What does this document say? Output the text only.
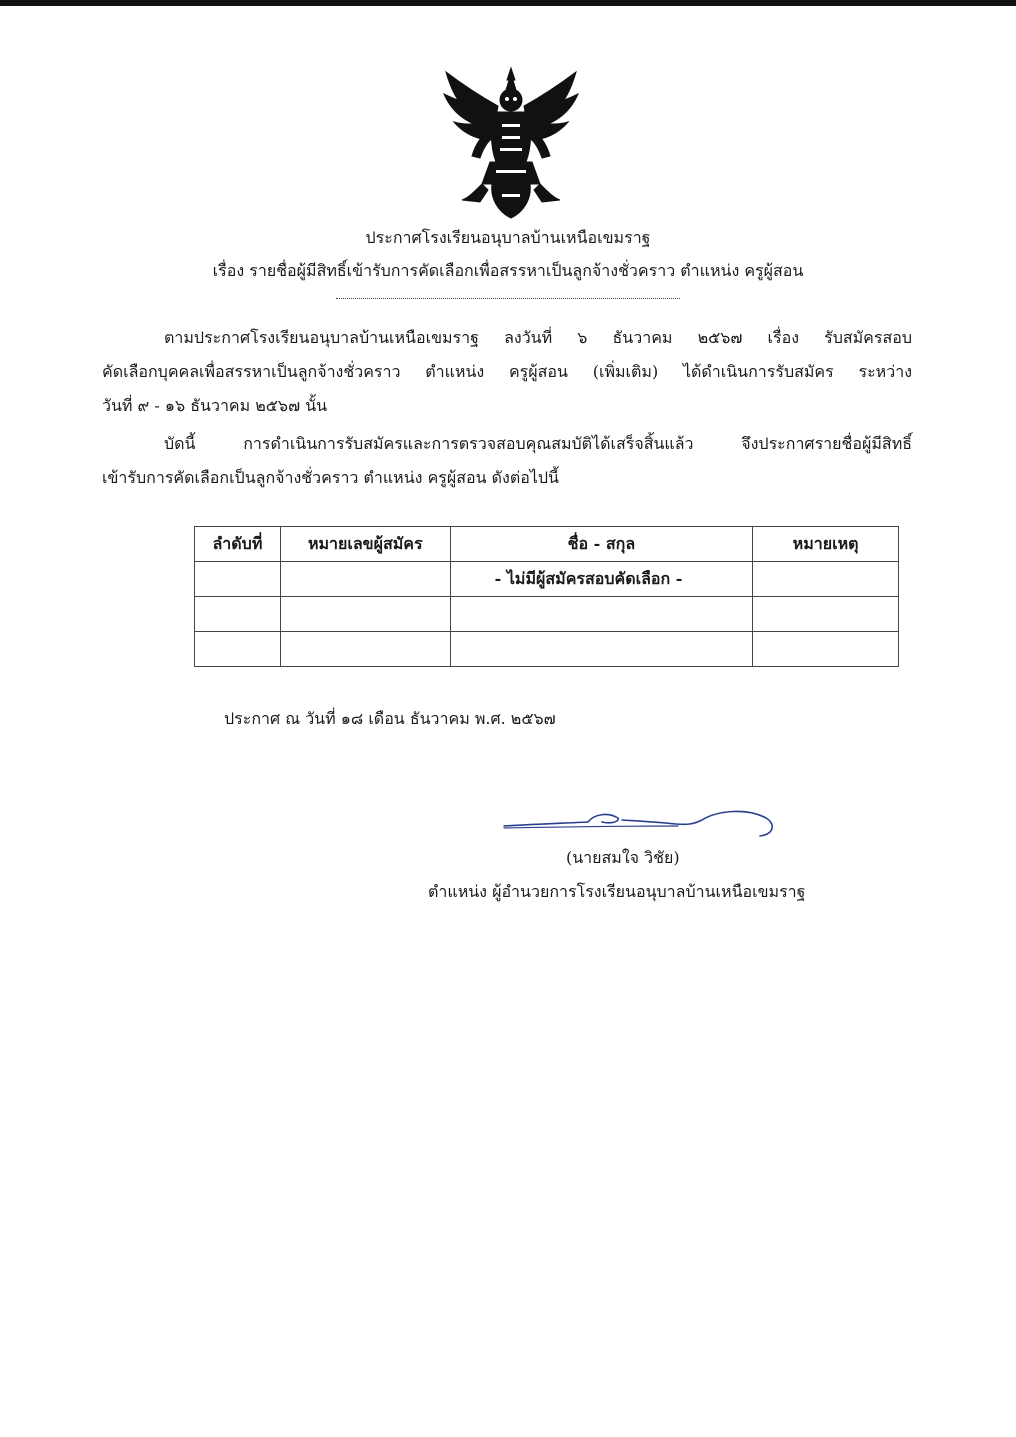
ประกาศโรงเรียนอนุบาลบ้านเหนือเขมราฐ
เรื่อง รายชื่อผู้มีสิทธิ์เข้ารับการคัดเลือกเพื่อสรรหาเป็นลูกจ้างชั่วคราว ตำแหน่ง ครูผู้สอน
ตามประกาศโรงเรียนอนุบาลบ้านเหนือเขมราฐ ลงวันที่ ๖ ธันวาคม ๒๕๖๗ เรื่อง รับสมัครสอบ
คัดเลือกบุคคลเพื่อสรรหาเป็นลูกจ้างชั่วคราว ตำแหน่ง ครูผู้สอน (เพิ่มเติม) ได้ดำเนินการรับสมัคร ระหว่าง
วันที่ ๙ - ๑๖ ธันวาคม ๒๕๖๗ นั้น
บัดนี้ การดำเนินการรับสมัครและการตรวจสอบคุณสมบัติได้เสร็จสิ้นแล้ว จึงประกาศรายชื่อผู้มีสิทธิ์
เข้ารับการคัดเลือกเป็นลูกจ้างชั่วคราว ตำแหน่ง ครูผู้สอน ดังต่อไปนี้
ลำดับที่	หมายเลขผู้สมัคร	ชื่อ - สกุล	หมายเหตุ
		- ไม่มีผู้สมัครสอบคัดเลือก -	

ประกาศ ณ วันที่ ๑๘ เดือน ธันวาคม พ.ศ. ๒๕๖๗
(นายสมใจ วิชัย)
ตำแหน่ง ผู้อำนวยการโรงเรียนอนุบาลบ้านเหนือเขมราฐ
